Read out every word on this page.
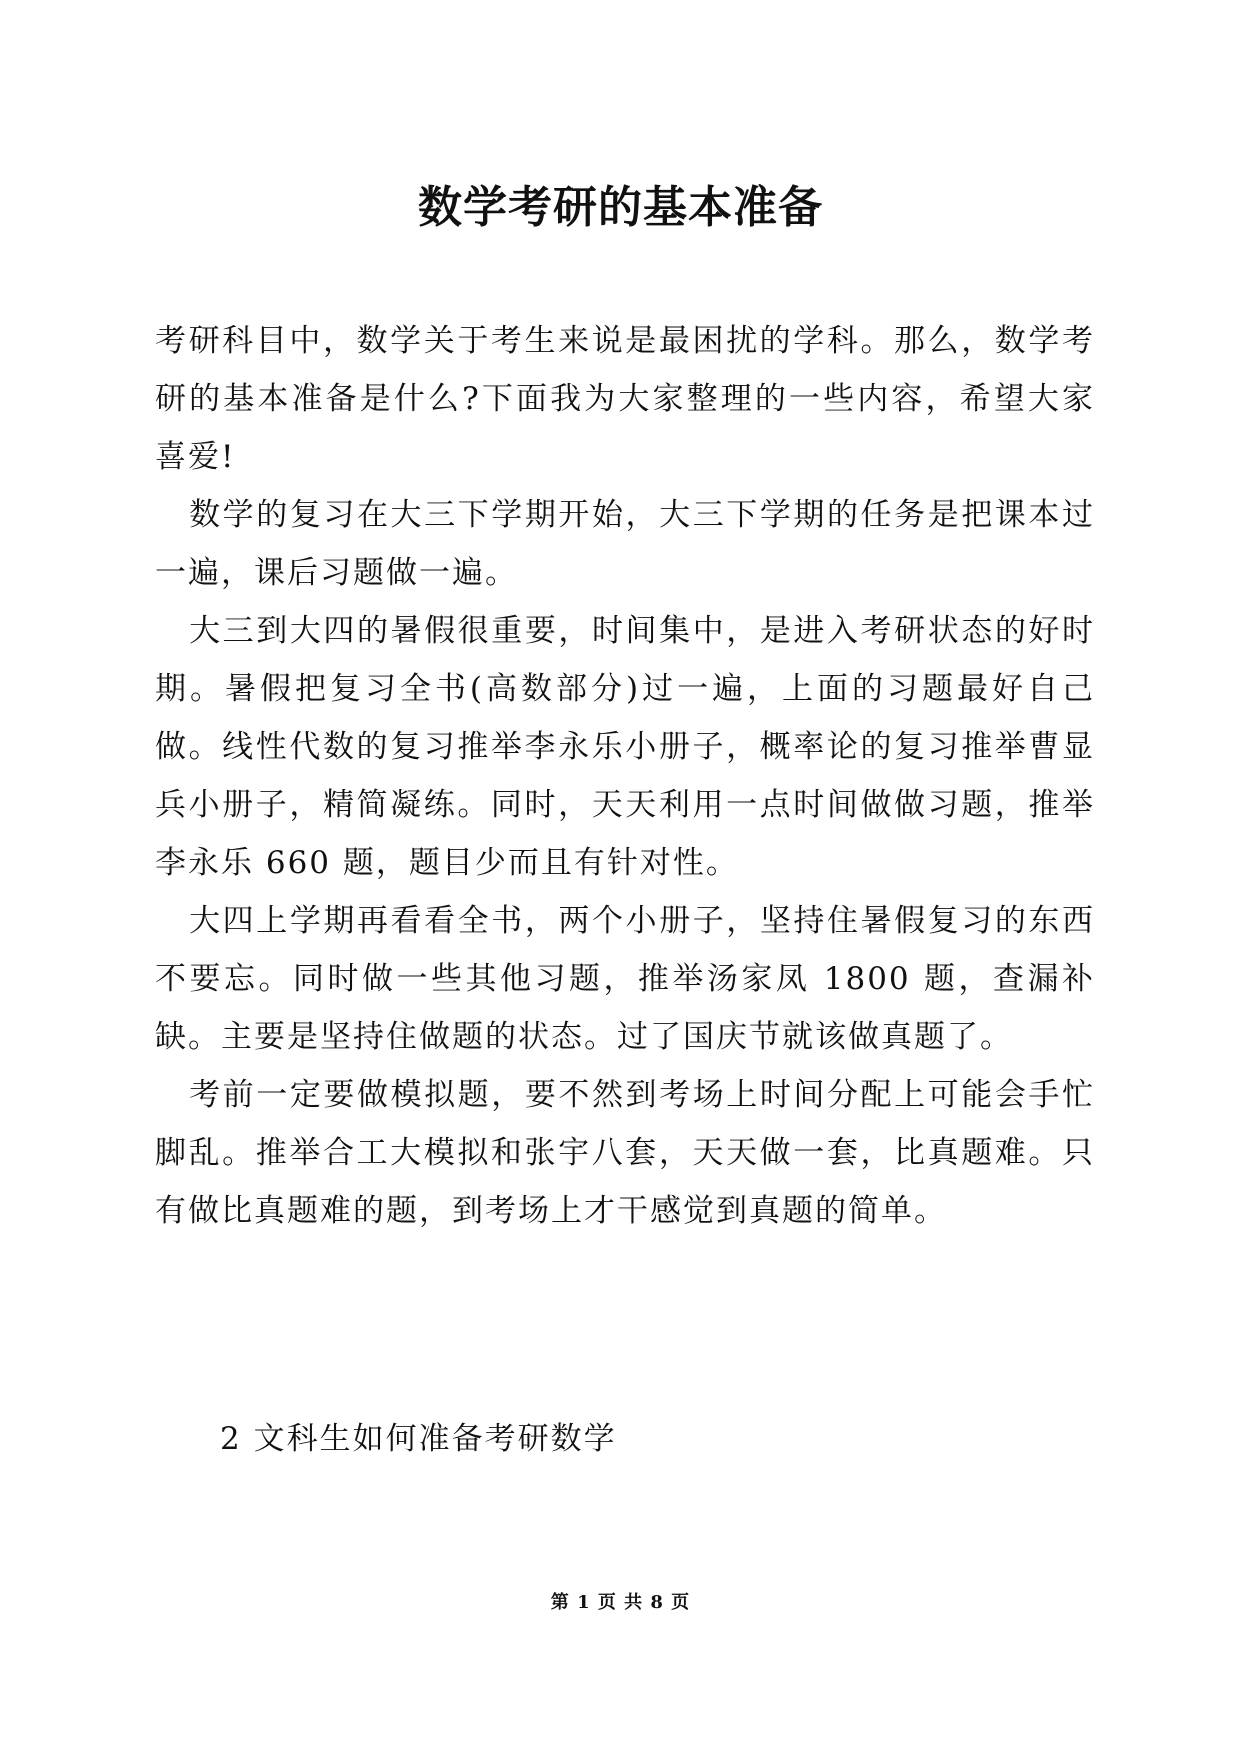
数学考研的基本准备

考研科目中，数学关于考生来说是最困扰的学科。那么，数学考研的基本准备是什么?下面我为大家整理的一些内容，希望大家喜爱!

数学的复习在大三下学期开始，大三下学期的任务是把课本过一遍，课后习题做一遍。

大三到大四的暑假很重要，时间集中，是进入考研状态的好时期。暑假把复习全书(高数部分)过一遍，上面的习题最好自己做。线性代数的复习推举李永乐小册子，概率论的复习推举曹显兵小册子，精简凝练。同时，天天利用一点时间做做习题，推举李永乐 660 题，题目少而且有针对性。

大四上学期再看看全书，两个小册子，坚持住暑假复习的东西不要忘。同时做一些其他习题，推举汤家凤 1800 题，查漏补缺。主要是坚持住做题的状态。过了国庆节就该做真题了。

考前一定要做模拟题，要不然到考场上时间分配上可能会手忙脚乱。推举合工大模拟和张宇八套，天天做一套，比真题难。只有做比真题难的题，到考场上才干感觉到真题的简单。

2 文科生如何准备考研数学

第 1 页 共 8 页
